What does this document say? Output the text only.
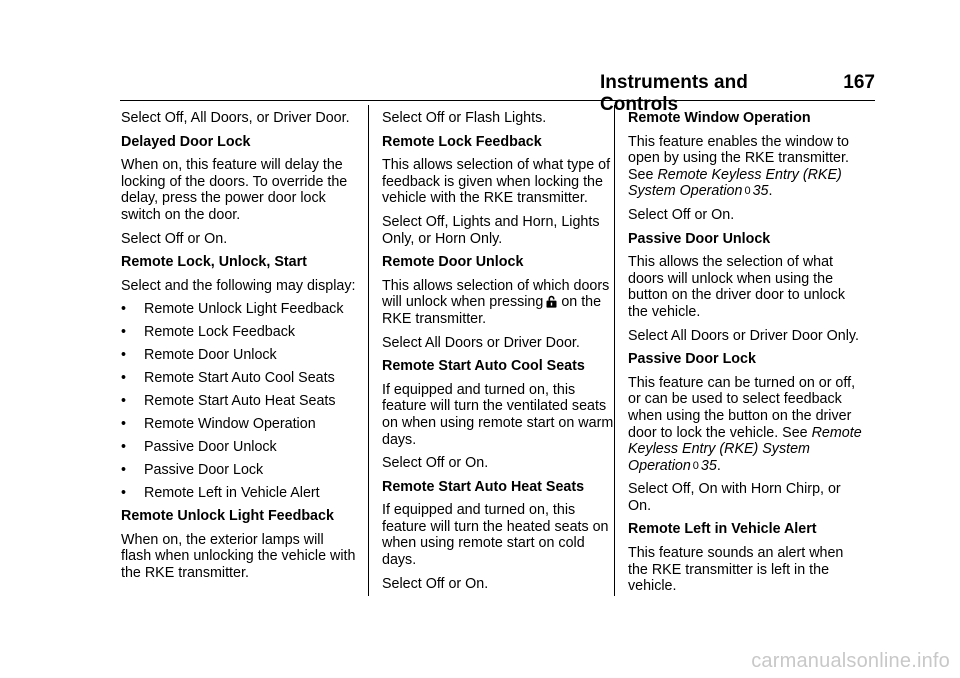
Instruments and Controls
167

Select Off, All Doors, or Driver Door.

Delayed Door Lock

When on, this feature will delay the locking of the doors. To override the delay, press the power door lock switch on the door.

Select Off or On.

Remote Lock, Unlock, Start

Select and the following may display:

•	Remote Unlock Light Feedback
•	Remote Lock Feedback
•	Remote Door Unlock
•	Remote Start Auto Cool Seats
•	Remote Start Auto Heat Seats
•	Remote Window Operation
•	Passive Door Unlock
•	Passive Door Lock
•	Remote Left in Vehicle Alert

Remote Unlock Light Feedback

When on, the exterior lamps will flash when unlocking the vehicle with the RKE transmitter.

Select Off or Flash Lights.

Remote Lock Feedback

This allows selection of what type of feedback is given when locking the vehicle with the RKE transmitter.

Select Off, Lights and Horn, Lights Only, or Horn Only.

Remote Door Unlock

This allows selection of which doors will unlock when pressing on the RKE transmitter.

Select All Doors or Driver Door.

Remote Start Auto Cool Seats

If equipped and turned on, this feature will turn the ventilated seats on when using remote start on warm days.

Select Off or On.

Remote Start Auto Heat Seats

If equipped and turned on, this feature will turn the heated seats on when using remote start on cold days.

Select Off or On.

Remote Window Operation

This feature enables the window to open by using the RKE transmitter. See Remote Keyless Entry (RKE) System Operation 0 35.

Select Off or On.

Passive Door Unlock

This allows the selection of what doors will unlock when using the button on the driver door to unlock the vehicle.

Select All Doors or Driver Door Only.

Passive Door Lock

This feature can be turned on or off, or can be used to select feedback when using the button on the driver door to lock the vehicle. See Remote Keyless Entry (RKE) System Operation 0 35.

Select Off, On with Horn Chirp, or On.

Remote Left in Vehicle Alert

This feature sounds an alert when the RKE transmitter is left in the vehicle.

carmanualsonline.info
